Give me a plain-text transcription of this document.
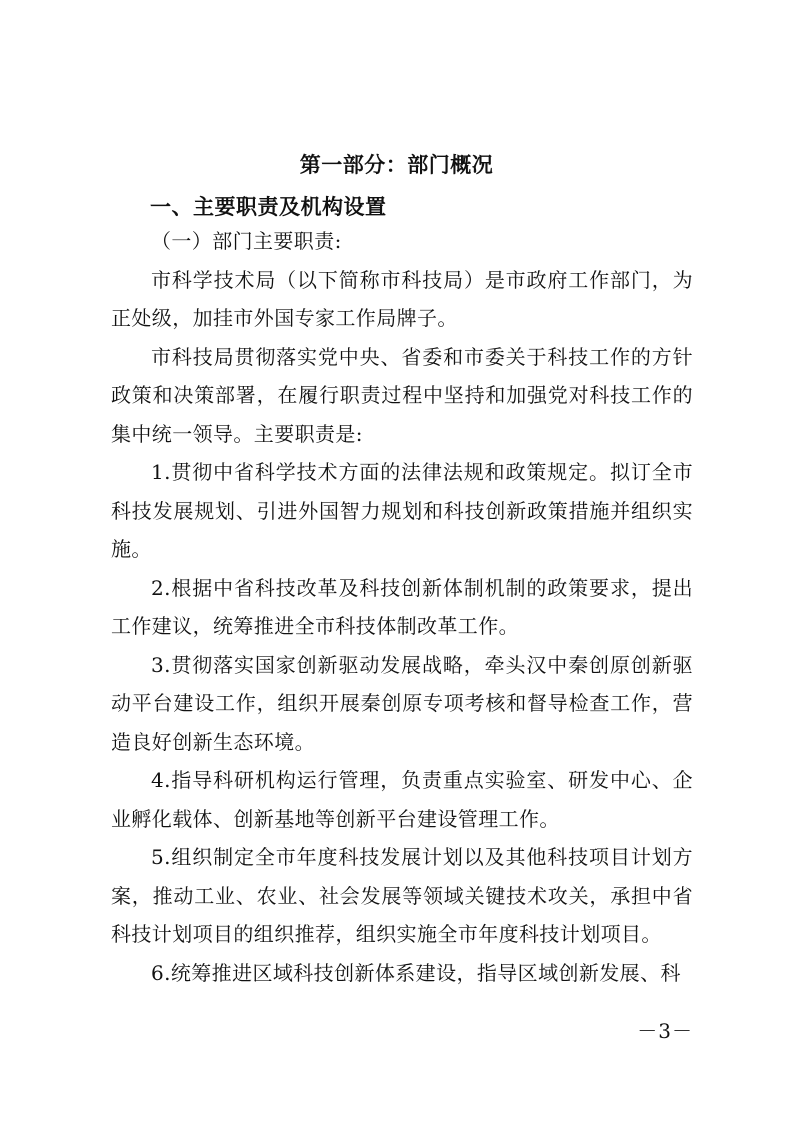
第一部分：部门概况
一、主要职责及机构设置

（一）部门主要职责:

市科学技术局（以下简称市科技局）是市政府工作部门，为正处级，加挂市外国专家工作局牌子。

市科技局贯彻落实党中央、省委和市委关于科技工作的方针政策和决策部署，在履行职责过程中坚持和加强党对科技工作的集中统一领导。主要职责是:

1.贯彻中省科学技术方面的法律法规和政策规定。拟订全市科技发展规划、引进外国智力规划和科技创新政策措施并组织实施。

2.根据中省科技改革及科技创新体制机制的政策要求，提出工作建议，统筹推进全市科技体制改革工作。

3.贯彻落实国家创新驱动发展战略，牵头汉中秦创原创新驱动平台建设工作，组织开展秦创原专项考核和督导检查工作，营造良好创新生态环境。

4.指导科研机构运行管理，负责重点实验室、研发中心、企业孵化载体、创新基地等创新平台建设管理工作。

5.组织制定全市年度科技发展计划以及其他科技项目计划方案，推动工业、农业、社会发展等领域关键技术攻关，承担中省科技计划项目的组织推荐，组织实施全市年度科技计划项目。

6.统筹推进区域科技创新体系建设，指导区域创新发展、科

－3－
